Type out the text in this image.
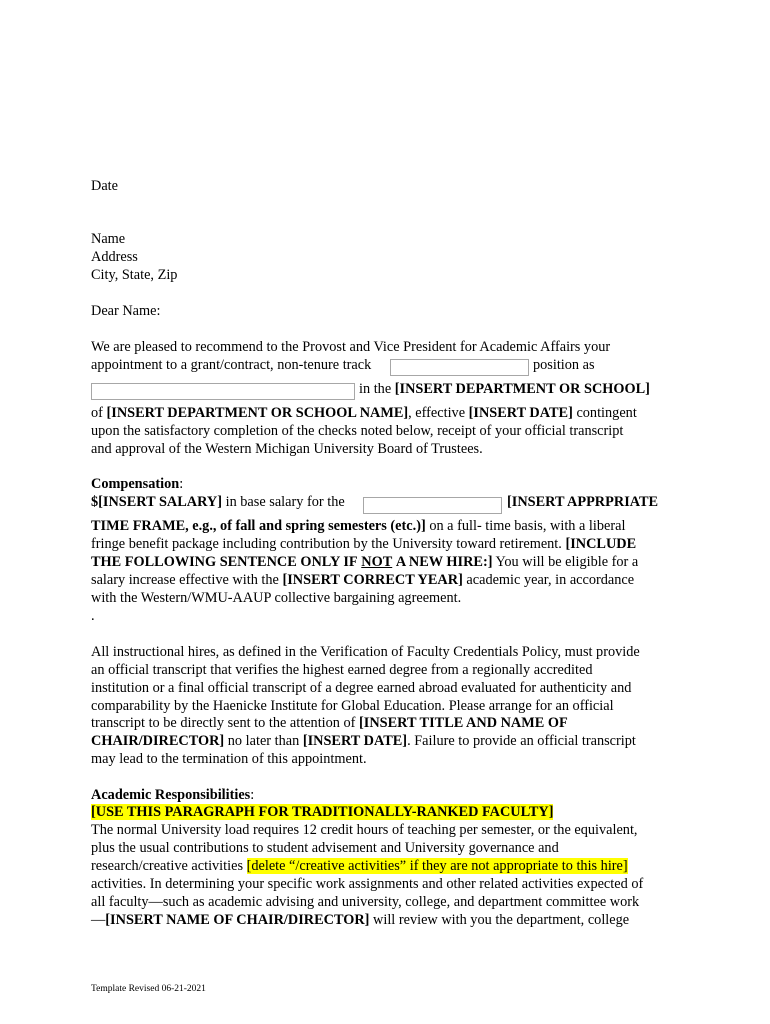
Date
Name
Address
City, State, Zip
Dear Name:
We are pleased to recommend to the Provost and Vice President for Academic Affairs your
appointment to a grant/contract, non-tenure track	position as
in the [INSERT DEPARTMENT OR SCHOOL]
of [INSERT DEPARTMENT OR SCHOOL NAME], effective [INSERT DATE] contingent
upon the satisfactory completion of the checks noted below, receipt of your official transcript
and approval of the Western Michigan University Board of Trustees.
Compensation:
$[INSERT SALARY] in base salary for the	[INSERT APPRPRIATE
TIME FRAME, e.g., of fall and spring semesters (etc.)] on a full- time basis, with a liberal
fringe benefit package including contribution by the University toward retirement. [INCLUDE
THE FOLLOWING SENTENCE ONLY IF NOT A NEW HIRE:] You will be eligible for a
salary increase effective with the [INSERT CORRECT YEAR] academic year, in accordance
with the Western/WMU-AAUP collective bargaining agreement.
.
All instructional hires, as defined in the Verification of Faculty Credentials Policy, must provide
an official transcript that verifies the highest earned degree from a regionally accredited
institution or a final official transcript of a degree earned abroad evaluated for authenticity and
comparability by the Haenicke Institute for Global Education. Please arrange for an official
transcript to be directly sent to the attention of [INSERT TITLE AND NAME OF
CHAIR/DIRECTOR] no later than [INSERT DATE]. Failure to provide an official transcript
may lead to the termination of this appointment.
Academic Responsibilities:
[USE THIS PARAGRAPH FOR TRADITIONALLY-RANKED FACULTY]
The normal University load requires 12 credit hours of teaching per semester, or the equivalent,
plus the usual contributions to student advisement and University governance and
research/creative activities [delete “/creative activities” if they are not appropriate to this hire]
activities. In determining your specific work assignments and other related activities expected of
all faculty—such as academic advising and university, college, and department committee work
—[INSERT NAME OF CHAIR/DIRECTOR] will review with you the department, college
Template Revised 06-21-2021
